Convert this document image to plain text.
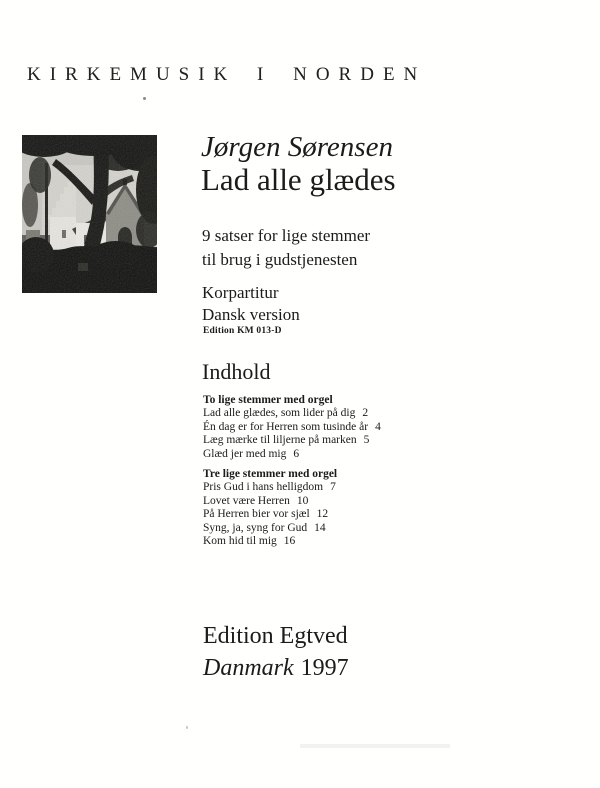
KIRKEMUSIK I NORDEN
Jørgen Sørensen
Lad alle glædes
9 satser for lige stemmer
til brug i gudstjenesten
Korpartitur
Dansk version
Edition KM 013-D
Indhold
To lige stemmer med orgel
Lad alle glædes, som lider på dig 2
Én dag er for Herren som tusinde år 4
Læg mærke til liljerne på marken 5
Glæd jer med mig 6
Tre lige stemmer med orgel
Pris Gud i hans helligdom 7
Lovet være Herren 10
På Herren bier vor sjæl 12
Syng, ja, syng for Gud 14
Kom hid til mig 16
Edition Egtved
Danmark 1997
